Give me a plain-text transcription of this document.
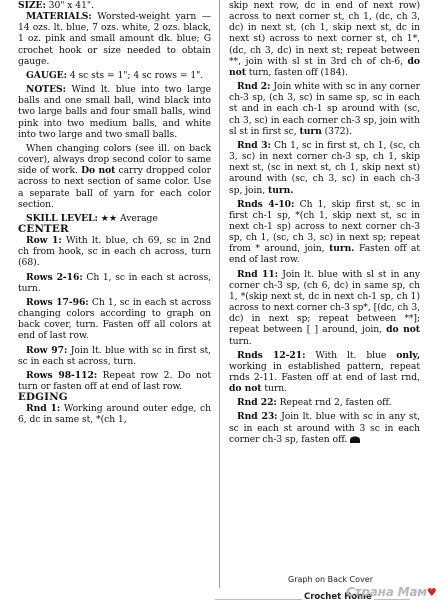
SIZE: 30" x 41".

MATERIALS: Worsted-weight yarn — 14 ozs. lt. blue, 7 ozs. white, 2 ozs. black, 1 oz. pink and small amount dk. blue; G crochet hook or size needed to obtain gauge.

GAUGE: 4 sc sts = 1"; 4 sc rows = 1".

NOTES: Wind lt. blue into two large balls and one small ball, wind black into two large balls and four small balls, wind pink into two medium balls, and white into two large and two small balls.

When changing colors (see ill. on back cover), always drop second color to same side of work. Do not carry dropped color across to next section of same color. Use a separate ball of yarn for each color section.

SKILL LEVEL: ★★ Average

CENTER

Row 1: With lt. blue, ch 69, sc in 2nd ch from hook, sc in each ch across, turn (68).

Rows 2-16: Ch 1, sc in each st across, turn.

Rows 17-96: Ch 1, sc in each st across changing colors according to graph on back cover, turn. Fasten off all colors at end of last row.

Row 97: Join lt. blue with sc in first st, sc in each st across, turn.

Rows 98-112: Repeat row 2. Do not turn or fasten off at end of last row.

EDGING

Rnd 1: Working around outer edge, ch 6, dc in same st, *(ch 1,

skip next row, dc in end of next row) across to next corner st, ch 1, (dc, ch 3, dc) in next st, (ch 1, skip next st, dc in next st) across to next corner st, ch 1*, (dc, ch 3, dc) in next st; repeat between **, join with sl st in 3rd ch of ch-6, do not turn, fasten off (184).

Rnd 2: Join white with sc in any corner ch-3 sp, (ch 3, sc) in same sp, sc in each st and in each ch-1 sp around with (sc, ch 3, sc) in each corner ch-3 sp, join with sl st in first sc, turn (372).

Rnd 3: Ch 1, sc in first st, ch 1, (sc, ch 3, sc) in next corner ch-3 sp, ch 1, skip next st, (sc in next st, ch 1, skip next st) around with (sc, ch 3, sc) in each ch-3 sp, join, turn.

Rnds 4-10: Ch 1, skip first st, sc in first ch-1 sp, *(ch 1, skip next st, sc in next ch-1 sp) across to next corner ch-3 sp, ch 1, (sc, ch 3, sc) in next sp; repeat from * around, join, turn. Fasten off at end of last row.

Rnd 11: Join lt. blue with sl st in any corner ch-3 sp, (ch 6, dc) in same sp, ch 1, *(skip next st, dc in next ch-1 sp, ch 1) across to next corner ch-3 sp*, [(dc, ch 3, dc) in next sp; repeat between **]; repeat between [ ] around, join, do not turn.

Rnds 12-21: With lt. blue only, working in established pattern, repeat rnds 2-11. Fasten off at end of last rnd, do not turn.

Rnd 22: Repeat rnd 2, fasten off.

Rnd 23: Join lt. blue with sc in any st, sc in each st around with 3 sc in each corner ch-3 sp, fasten off.

Graph on Back Cover
Crochet Home
Страна Мам♥
